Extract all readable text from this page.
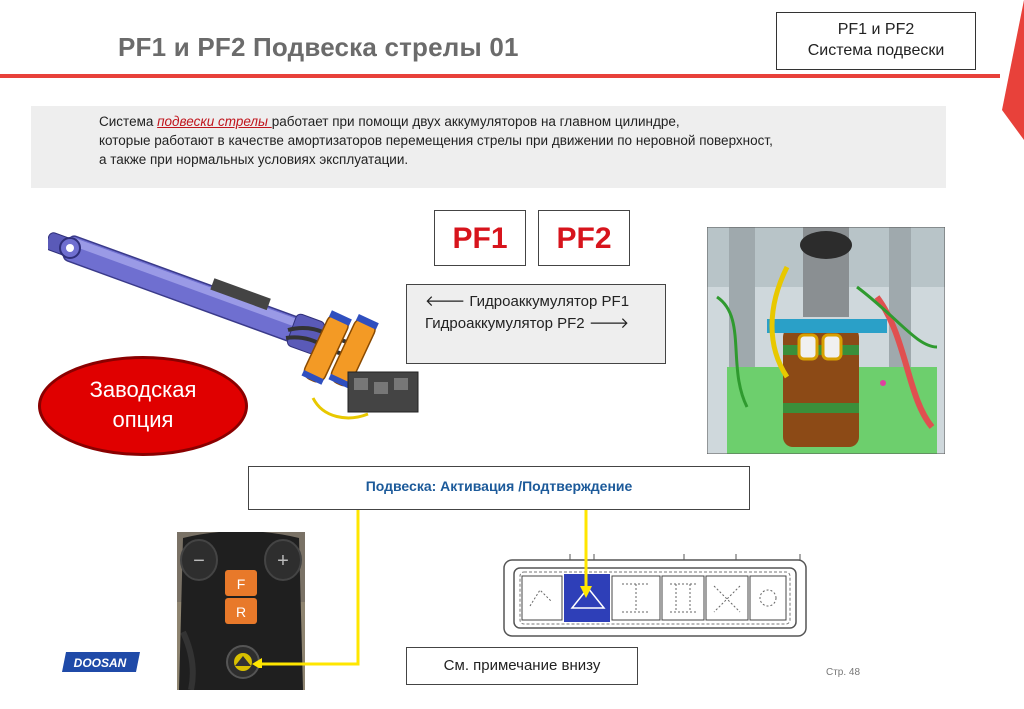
PF1 и PF2 Подвеска стрелы 01
PF1 и PF2
Система подвески
Система подвески стрелы работает при помощи двух аккумуляторов на главном цилиндре,
которые работают в качестве амортизаторов перемещения стрелы при движении по неровной поверхност,
а также при нормальных условиях эксплуатации.
PF1	PF2
🡐 Гидроаккумулятор PF1
Гидроаккумулятор PF2 🡒
Заводская
опция
Подвеска: Активация /Подтверждение
−	+
F
R
См. примечание внизу	Стр. 48
DOOSAN
